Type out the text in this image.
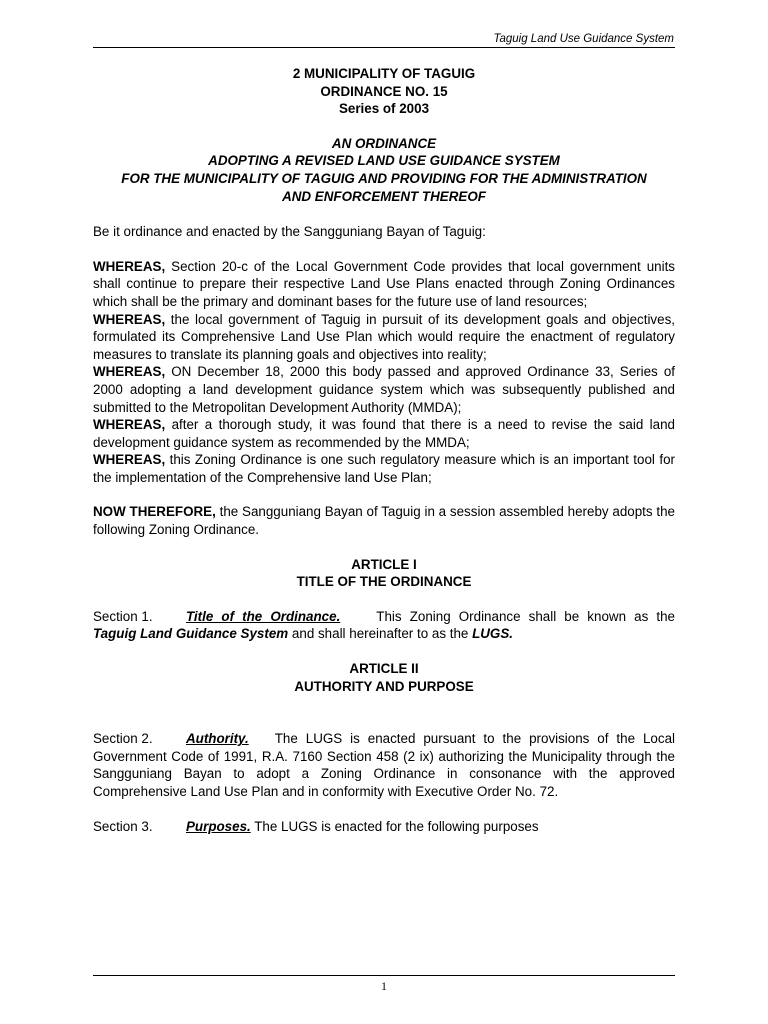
Taguig Land Use Guidance System
2 MUNICIPALITY OF TAGUIG
ORDINANCE NO. 15
Series of 2003
AN ORDINANCE
ADOPTING A REVISED LAND USE GUIDANCE SYSTEM
FOR THE MUNICIPALITY OF TAGUIG AND PROVIDING FOR THE ADMINISTRATION
AND ENFORCEMENT THEREOF
Be it ordinance and enacted by the Sangguniang Bayan of Taguig:
WHEREAS, Section 20-c of the Local Government Code provides that local government units shall continue to prepare their respective Land Use Plans enacted through Zoning Ordinances which shall be the primary and dominant bases for the future use of land resources;
WHEREAS, the local government of Taguig in pursuit of its development goals and objectives, formulated its Comprehensive Land Use Plan which would require the enactment of regulatory measures to translate its planning goals and objectives into reality;
WHEREAS, ON December 18, 2000 this body passed and approved Ordinance 33, Series of 2000 adopting a land development guidance system which was subsequently published and submitted to the Metropolitan Development Authority (MMDA);
WHEREAS, after a thorough study, it was found that there is a need to revise the said land development guidance system as recommended by the MMDA;
WHEREAS, this Zoning Ordinance is one such regulatory measure which is an important tool for the implementation of the Comprehensive land Use Plan;
NOW THEREFORE, the Sangguniang Bayan of Taguig in a session assembled hereby adopts the following Zoning Ordinance.
ARTICLE I
TITLE OF THE ORDINANCE
Section 1. Title of the Ordinance.	This Zoning Ordinance shall be known as the Taguig Land Guidance System and shall hereinafter to as the LUGS.
ARTICLE II
AUTHORITY AND PURPOSE
Section 2. Authority. The LUGS is enacted pursuant to the provisions of the Local Government Code of 1991, R.A. 7160 Section 458 (2 ix) authorizing the Municipality through the Sangguniang Bayan to adopt a Zoning Ordinance in consonance with the approved Comprehensive Land Use Plan and in conformity with Executive Order No. 72.
Section 3. Purposes. The LUGS is enacted for the following purposes
1
